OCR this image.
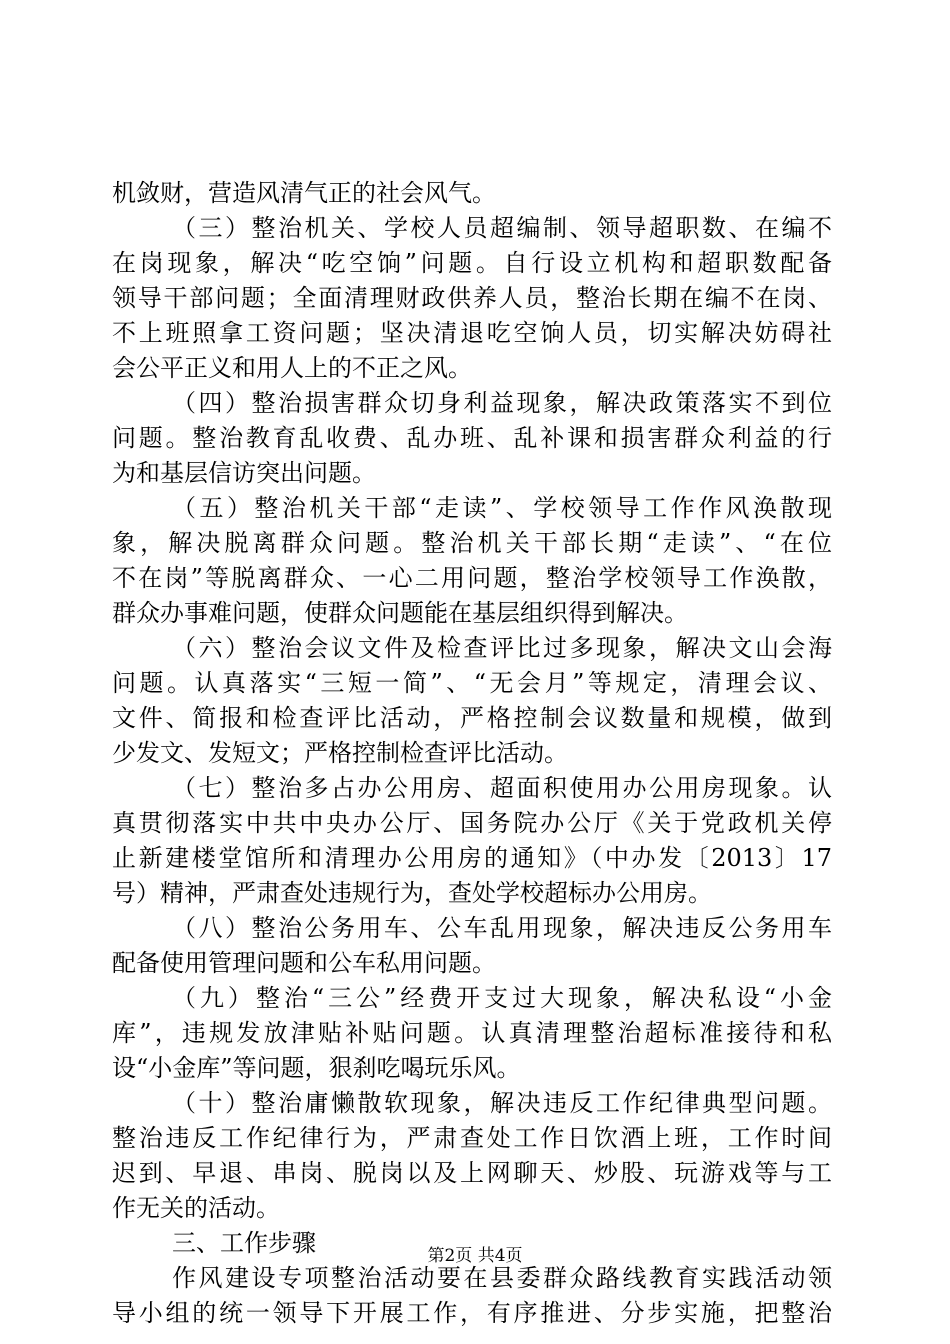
机敛财，营造风清气正的社会风气。
（三）整治机关、学校人员超编制、领导超职数、在编不
在岗现象，解决“吃空饷”问题。自行设立机构和超职数配备
领导干部问题；全面清理财政供养人员，整治长期在编不在岗、
不上班照拿工资问题；坚决清退吃空饷人员，切实解决妨碍社
会公平正义和用人上的不正之风。
（四）整治损害群众切身利益现象，解决政策落实不到位
问题。整治教育乱收费、乱办班、乱补课和损害群众利益的行
为和基层信访突出问题。
（五）整治机关干部“走读”、学校领导工作作风涣散现
象，解决脱离群众问题。整治机关干部长期“走读”、“在位
不在岗”等脱离群众、一心二用问题，整治学校领导工作涣散，
群众办事难问题，使群众问题能在基层组织得到解决。
（六）整治会议文件及检查评比过多现象，解决文山会海
问题。认真落实“三短一简”、“无会月”等规定，清理会议、
文件、简报和检查评比活动，严格控制会议数量和规模，做到
少发文、发短文；严格控制检查评比活动。
（七）整治多占办公用房、超面积使用办公用房现象。认
真贯彻落实中共中央办公厅、国务院办公厅《关于党政机关停
止新建楼堂馆所和清理办公用房的通知》（中办发〔2013〕17
号）精神，严肃查处违规行为，查处学校超标办公用房。
（八）整治公务用车、公车乱用现象，解决违反公务用车
配备使用管理问题和公车私用问题。
（九）整治“三公”经费开支过大现象，解决私设“小金
库”，违规发放津贴补贴问题。认真清理整治超标准接待和私
设“小金库”等问题，狠刹吃喝玩乐风。
（十）整治庸懒散软现象，解决违反工作纪律典型问题。
整治违反工作纪律行为，严肃查处工作日饮酒上班，工作时间
迟到、早退、串岗、脱岗以及上网聊天、炒股、玩游戏等与工
作无关的活动。
三、工作步骤
作风建设专项整治活动要在县委群众路线教育实践活动领
导小组的统一领导下开展工作，有序推进、分步实施，把整治
第2页 共4页
